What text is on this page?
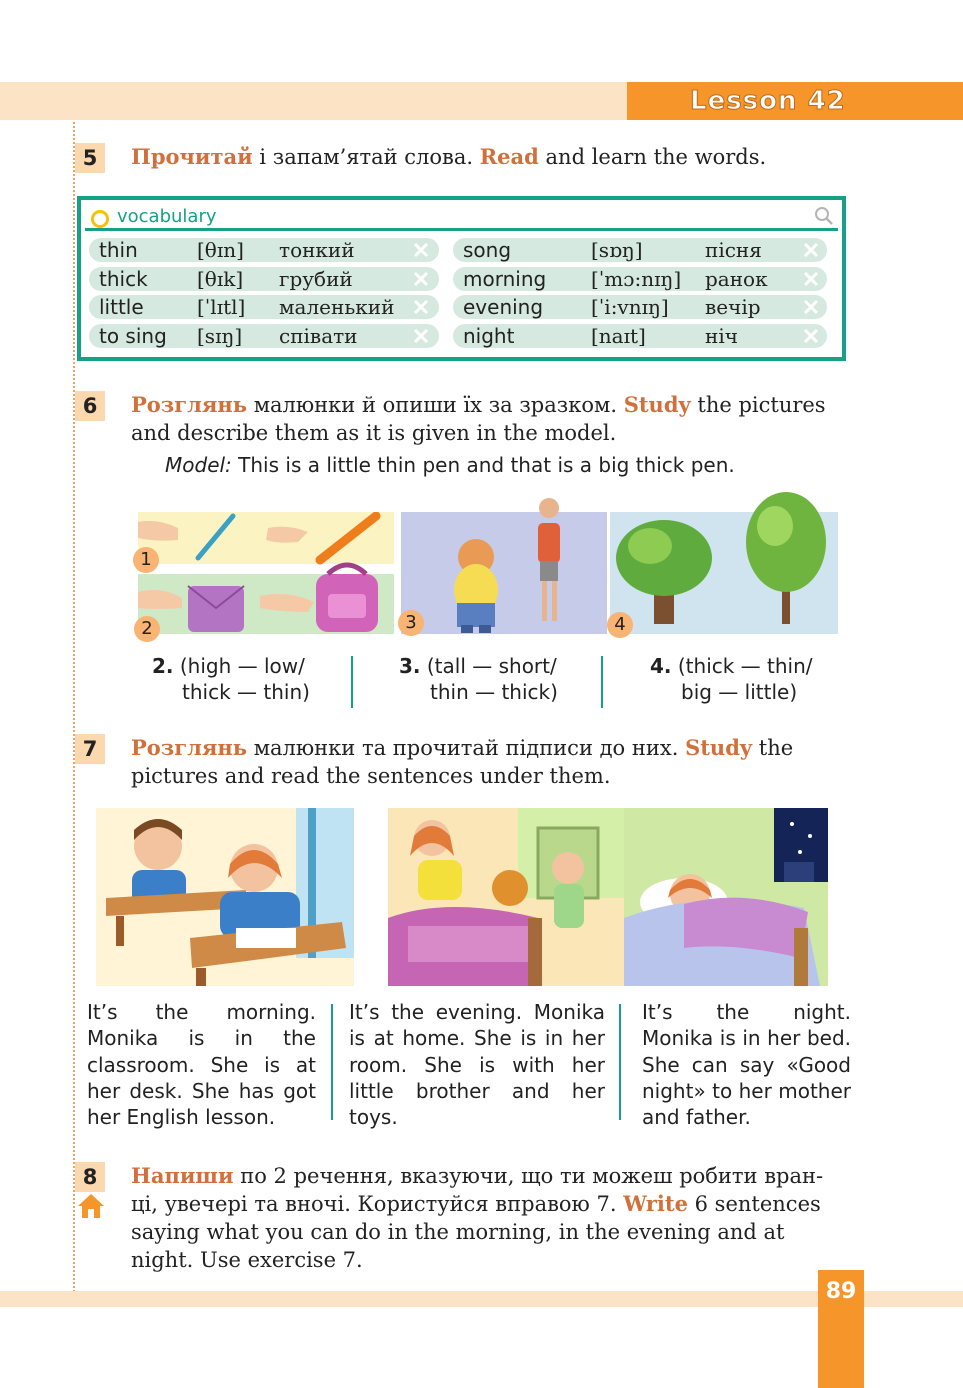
Lesson 42
5	Прочитай і запам’ятай слова. Read and learn the words.
vocabulary
thin	[θɪn] тонкий
thick [θɪk] грубий
little	[ˈlɪtl] маленький
to sing [sɪŋ] співати
song	[sɒŋ]	пісня
morning [ˈmɔ:nɪŋ] ранок
evening [ˈi:vnɪŋ] вечір
night	[naɪt]	ніч
6	Розглянь малюнки й опиши їх за зразком. Study the pictures
and describe them as it is given in the model.
Model: This is a little thin pen and that is a big thick pen.
1
2	3	4
2. (high — low/
thick — thin)
3. (tall — short/
thin — thick)
4. (thick — thin/
big — little)
7	Розглянь малюнки та прочитай підписи до них. Study the
pictures and read the sentences under them.
It’s the morning. Monika is in the classroom. She is at her desk. She has got her English lesson.
It’s the evening. Monika is at home. She is in her room. She is with her little brother and her toys.
It’s the night. Monika is in her bed. She can say «Good night» to her mother and father.
8	Напиши по 2 речення, вказуючи, що ти можеш робити вран-
ці, увечері та вночі. Користуйся вправою 7. Write 6 sentences
saying what you can do in the morning, in the evening and at
night. Use exercise 7.
89
